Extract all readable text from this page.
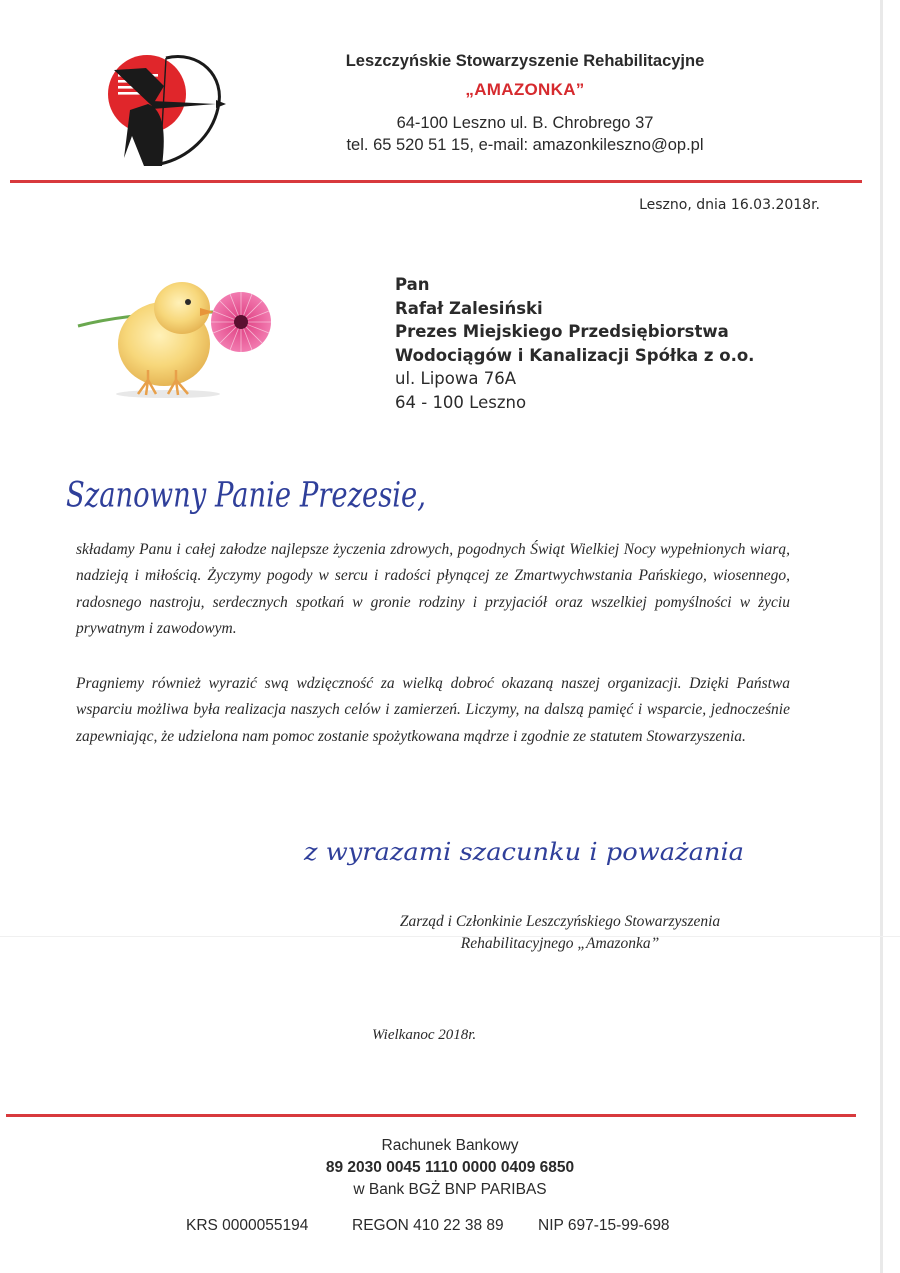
Leszczyńskie Stowarzyszenie Rehabilitacyjne
„AMAZONKA”
64-100 Leszno ul. B. Chrobrego 37
tel. 65 520 51 15, e-mail: amazonkileszno@op.pl
Leszno, dnia 16.03.2018r.
Pan
Rafał Zalesiński
Prezes Miejskiego Przedsiębiorstwa
Wodociągów i Kanalizacji Spółka z o.o.
ul. Lipowa 76A
64 - 100 Leszno
Szanowny Panie Prezesie,
składamy Panu i całej załodze najlepsze życzenia zdrowych, pogodnych Świąt Wielkiej Nocy wypełnionych wiarą, nadzieją i miłością. Życzymy pogody w sercu i radości płynącej ze Zmartwychwstania Pańskiego, wiosennego, radosnego nastroju, serdecznych spotkań w gronie rodziny i przyjaciół oraz wszelkiej pomyślności w życiu prywatnym i zawodowym.
Pragniemy również wyrazić swą wdzięczność za wielką dobroć okazaną naszej organizacji. Dzięki Państwa wsparciu możliwa była realizacja naszych celów i zamierzeń. Liczymy, na dalszą pamięć i wsparcie, jednocześnie zapewniając, że udzielona nam pomoc zostanie spożytkowana mądrze i zgodnie ze statutem Stowarzyszenia.
z wyrazami szacunku i poważania
Zarząd i Członkinie Leszczyńskiego Stowarzyszenia
Rehabilitacyjnego „Amazonka”
Wielkanoc 2018r.
Rachunek Bankowy
89 2030 0045 1110 0000 0409 6850
w Bank BGŻ BNP PARIBAS
KRS 0000055194	REGON 410 22 38 89 NIP 697-15-99-698
